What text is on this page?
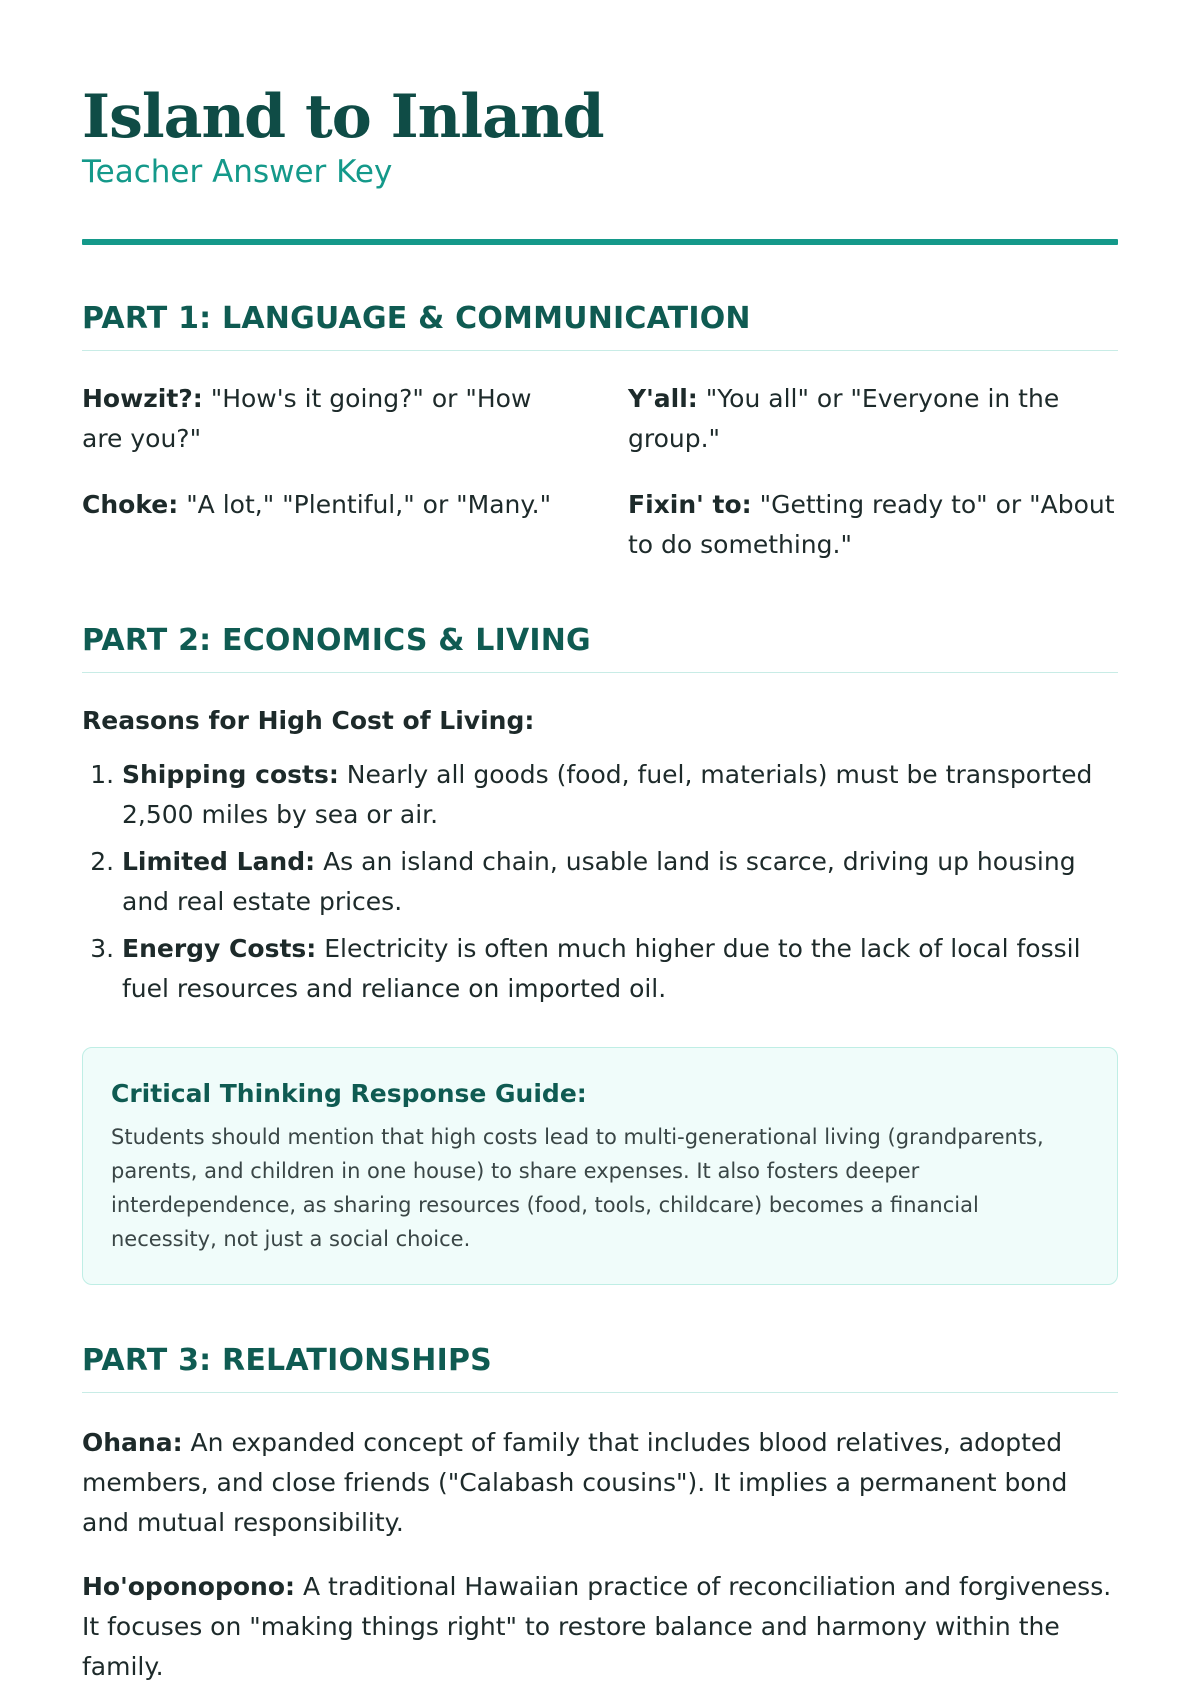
Island to Inland
Teacher Answer Key
PART 1: LANGUAGE & COMMUNICATION
Howzit?: "How's it going?" or "How are you?"
Y'all: "You all" or "Everyone in the group."
Choke: "A lot," "Plentiful," or "Many."	Fixin' to: "Getting ready to" or "About to do something."
PART 2: ECONOMICS & LIVING
Reasons for High Cost of Living:
1. Shipping costs: Nearly all goods (food, fuel, materials) must be transported 2,500 miles by sea or air.
2. Limited Land: As an island chain, usable land is scarce, driving up housing and real estate prices.
3. Energy Costs: Electricity is often much higher due to the lack of local fossil fuel resources and reliance on imported oil.
Critical Thinking Response Guide:
Students should mention that high costs lead to multi-generational living (grandparents, parents, and children in one house) to share expenses. It also fosters deeper interdependence, as sharing resources (food, tools, childcare) becomes a financial necessity, not just a social choice.
PART 3: RELATIONSHIPS
Ohana: An expanded concept of family that includes blood relatives, adopted members, and close friends ("Calabash cousins"). It implies a permanent bond and mutual responsibility.
Ho'oponopono: A traditional Hawaiian practice of reconciliation and forgiveness. It focuses on "making things right" to restore balance and harmony within the family.
